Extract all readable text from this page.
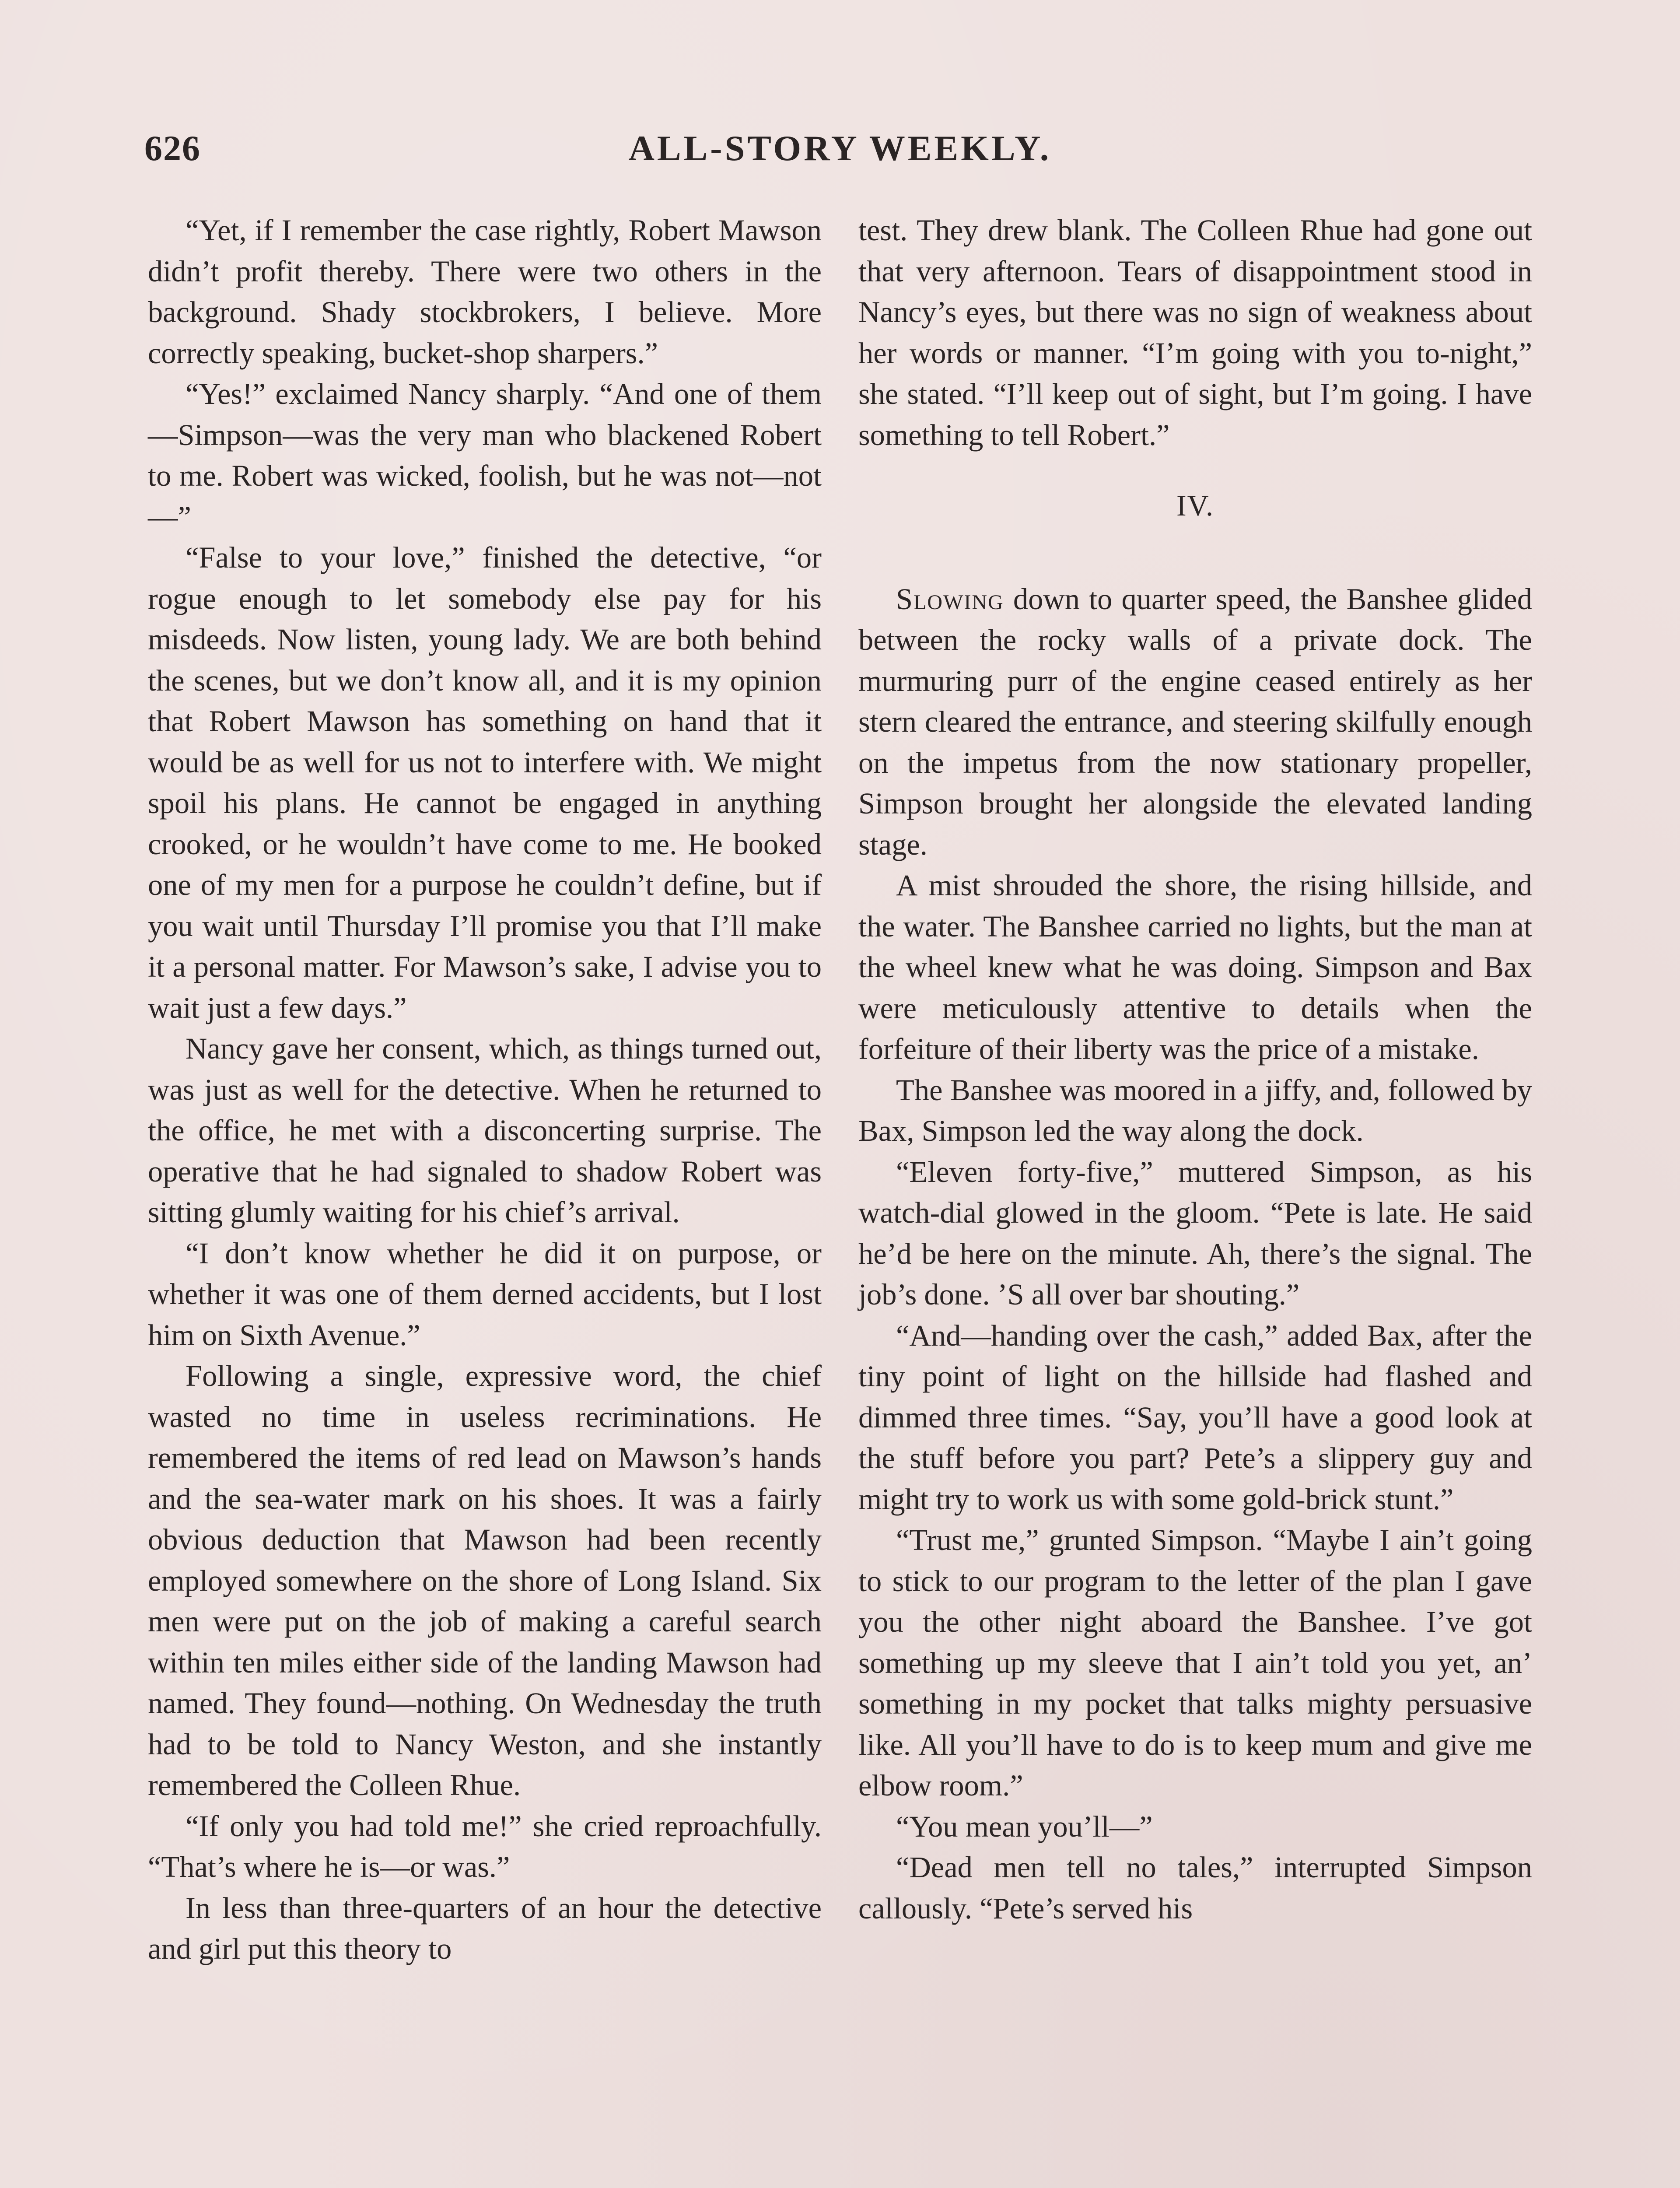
626	ALL-STORY WEEKLY.

“Yet, if I remember the case rightly, Robert Mawson didn’t profit thereby. There were two others in the background. Shady stockbrokers, I believe. More correctly speaking, bucket-shop sharpers.”

“Yes!” exclaimed Nancy sharply. “And one of them—Simpson—was the very man who blackened Robert to me. Robert was wicked, foolish, but he was not—not—”

“False to your love,” finished the detective, “or rogue enough to let somebody else pay for his misdeeds. Now listen, young lady. We are both behind the scenes, but we don’t know all, and it is my opinion that Robert Mawson has something on hand that it would be as well for us not to interfere with. We might spoil his plans. He cannot be engaged in anything crooked, or he wouldn’t have come to me. He booked one of my men for a purpose he couldn’t define, but if you wait until Thursday I’ll promise you that I’ll make it a personal matter. For Mawson’s sake, I advise you to wait just a few days.”

Nancy gave her consent, which, as things turned out, was just as well for the detective. When he returned to the office, he met with a disconcerting surprise. The operative that he had signaled to shadow Robert was sitting glumly waiting for his chief’s arrival.

“I don’t know whether he did it on purpose, or whether it was one of them derned accidents, but I lost him on Sixth Avenue.”

Following a single, expressive word, the chief wasted no time in useless recriminations. He remembered the items of red lead on Mawson’s hands and the sea-water mark on his shoes. It was a fairly obvious deduction that Mawson had been recently employed somewhere on the shore of Long Island. Six men were put on the job of making a careful search within ten miles either side of the landing Mawson had named. They found—nothing. On Wednesday the truth had to be told to Nancy Weston, and she instantly remembered the Colleen Rhue.

“If only you had told me!” she cried reproachfully. “That’s where he is—or was.”

In less than three-quarters of an hour the detective and girl put this theory to

test. They drew blank. The Colleen Rhue had gone out that very afternoon. Tears of disappointment stood in Nancy’s eyes, but there was no sign of weakness about her words or manner. “I’m going with you to-night,” she stated. “I’ll keep out of sight, but I’m going. I have something to tell Robert.”

IV.

Slowing down to quarter speed, the Banshee glided between the rocky walls of a private dock. The murmuring purr of the engine ceased entirely as her stern cleared the entrance, and steering skilfully enough on the impetus from the now stationary propeller, Simpson brought her alongside the elevated landing stage.

A mist shrouded the shore, the rising hillside, and the water. The Banshee carried no lights, but the man at the wheel knew what he was doing. Simpson and Bax were meticulously attentive to details when the forfeiture of their liberty was the price of a mistake.

The Banshee was moored in a jiffy, and, followed by Bax, Simpson led the way along the dock.

“Eleven forty-five,” muttered Simpson, as his watch-dial glowed in the gloom. “Pete is late. He said he’d be here on the minute. Ah, there’s the signal. The job’s done. ’S all over bar shouting.”

“And—handing over the cash,” added Bax, after the tiny point of light on the hillside had flashed and dimmed three times. “Say, you’ll have a good look at the stuff before you part? Pete’s a slippery guy and might try to work us with some gold-brick stunt.”

“Trust me,” grunted Simpson. “Maybe I ain’t going to stick to our program to the letter of the plan I gave you the other night aboard the Banshee. I’ve got something up my sleeve that I ain’t told you yet, an’ something in my pocket that talks mighty persuasive like. All you’ll have to do is to keep mum and give me elbow room.”

“You mean you’ll—”

“Dead men tell no tales,” interrupted Simpson callously. “Pete’s served his
